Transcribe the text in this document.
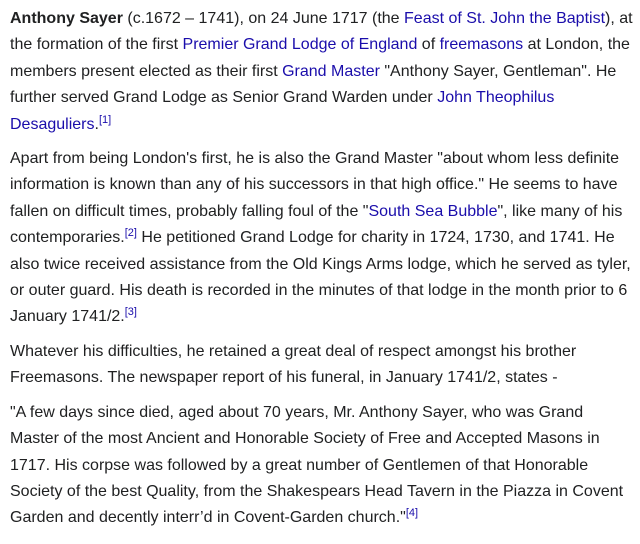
Anthony Sayer (c.1672 – 1741), on 24 June 1717 (the Feast of St. John the Baptist), at the formation of the first Premier Grand Lodge of England of freemasons at London, the members present elected as their first Grand Master "Anthony Sayer, Gentleman". He further served Grand Lodge as Senior Grand Warden under John Theophilus Desaguliers.[1]

Apart from being London's first, he is also the Grand Master "about whom less definite information is known than any of his successors in that high office." He seems to have fallen on difficult times, probably falling foul of the "South Sea Bubble", like many of his contemporaries.[2] He petitioned Grand Lodge for charity in 1724, 1730, and 1741. He also twice received assistance from the Old Kings Arms lodge, which he served as tyler, or outer guard. His death is recorded in the minutes of that lodge in the month prior to 6 January 1741/2.[3]

Whatever his difficulties, he retained a great deal of respect amongst his brother Freemasons. The newspaper report of his funeral, in January 1741/2, states -

"A few days since died, aged about 70 years, Mr. Anthony Sayer, who was Grand Master of the most Ancient and Honorable Society of Free and Accepted Masons in 1717. His corpse was followed by a great number of Gentlemen of that Honorable Society of the best Quality, from the Shakespears Head Tavern in the Piazza in Covent Garden and decently interr’d in Covent-Garden church."[4]
